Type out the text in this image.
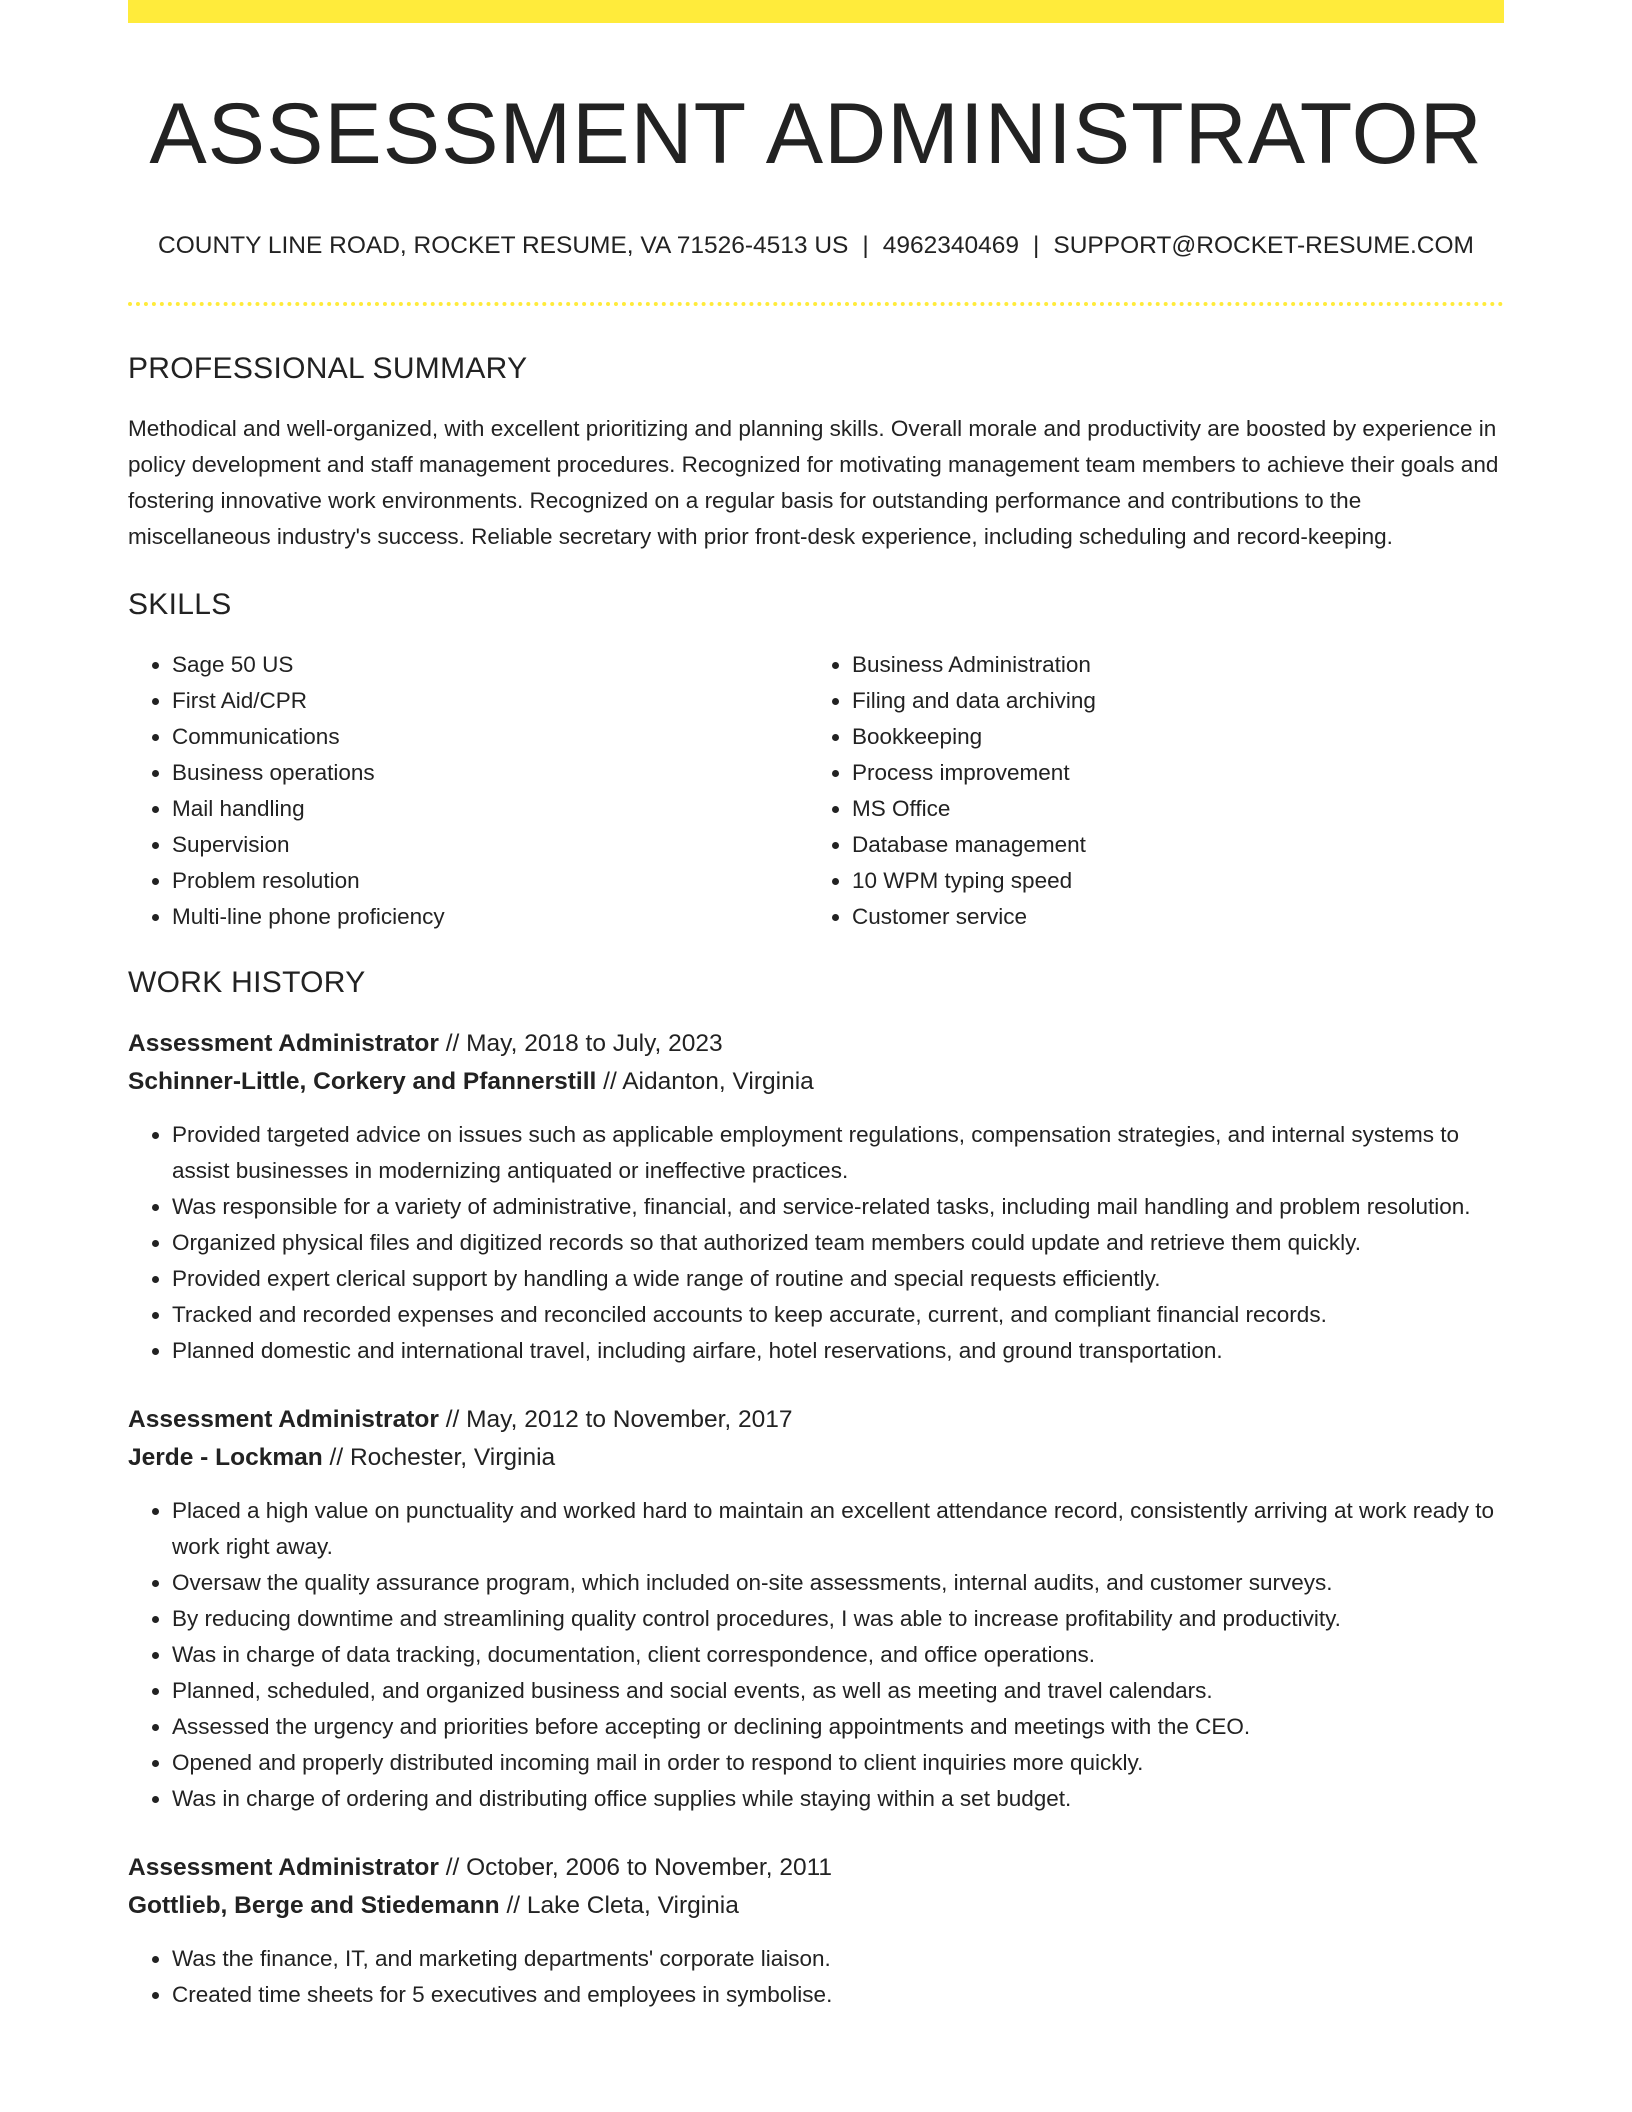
ASSESSMENT ADMINISTRATOR
COUNTY LINE ROAD, ROCKET RESUME, VA 71526-4513 US | 4962340469 | SUPPORT@ROCKET-RESUME.COM
PROFESSIONAL SUMMARY

Methodical and well-organized, with excellent prioritizing and planning skills. Overall morale and productivity are boosted by experience in policy development and staff management procedures. Recognized for motivating management team members to achieve their goals and fostering innovative work environments. Recognized on a regular basis for outstanding performance and contributions to the miscellaneous industry's success. Reliable secretary with prior front-desk experience, including scheduling and record-keeping.

SKILLS
• Sage 50 US
• First Aid/CPR
• Communications
• Business operations
• Mail handling
• Supervision
• Problem resolution
• Multi-line phone proficiency
• Business Administration
• Filing and data archiving
• Bookkeeping
• Process improvement
• MS Office
• Database management
• 10 WPM typing speed
• Customer service
WORK HISTORY
Assessment Administrator // May, 2018 to July, 2023
Schinner-Little, Corkery and Pfannerstill // Aidanton, Virginia
• Provided targeted advice on issues such as applicable employment regulations, compensation strategies, and internal systems to assist businesses in modernizing antiquated or ineffective practices.
• Was responsible for a variety of administrative, financial, and service-related tasks, including mail handling and problem resolution.
• Organized physical files and digitized records so that authorized team members could update and retrieve them quickly.
• Provided expert clerical support by handling a wide range of routine and special requests efficiently.
• Tracked and recorded expenses and reconciled accounts to keep accurate, current, and compliant financial records.
• Planned domestic and international travel, including airfare, hotel reservations, and ground transportation.
Assessment Administrator // May, 2012 to November, 2017
Jerde - Lockman // Rochester, Virginia
• Placed a high value on punctuality and worked hard to maintain an excellent attendance record, consistently arriving at work ready to work right away.
• Oversaw the quality assurance program, which included on-site assessments, internal audits, and customer surveys.
• By reducing downtime and streamlining quality control procedures, I was able to increase profitability and productivity.
• Was in charge of data tracking, documentation, client correspondence, and office operations.
• Planned, scheduled, and organized business and social events, as well as meeting and travel calendars.
• Assessed the urgency and priorities before accepting or declining appointments and meetings with the CEO.
• Opened and properly distributed incoming mail in order to respond to client inquiries more quickly.
• Was in charge of ordering and distributing office supplies while staying within a set budget.
Assessment Administrator // October, 2006 to November, 2011
Gottlieb, Berge and Stiedemann // Lake Cleta, Virginia
• Was the finance, IT, and marketing departments' corporate liaison.
• Created time sheets for 5 executives and employees in symbolise.
